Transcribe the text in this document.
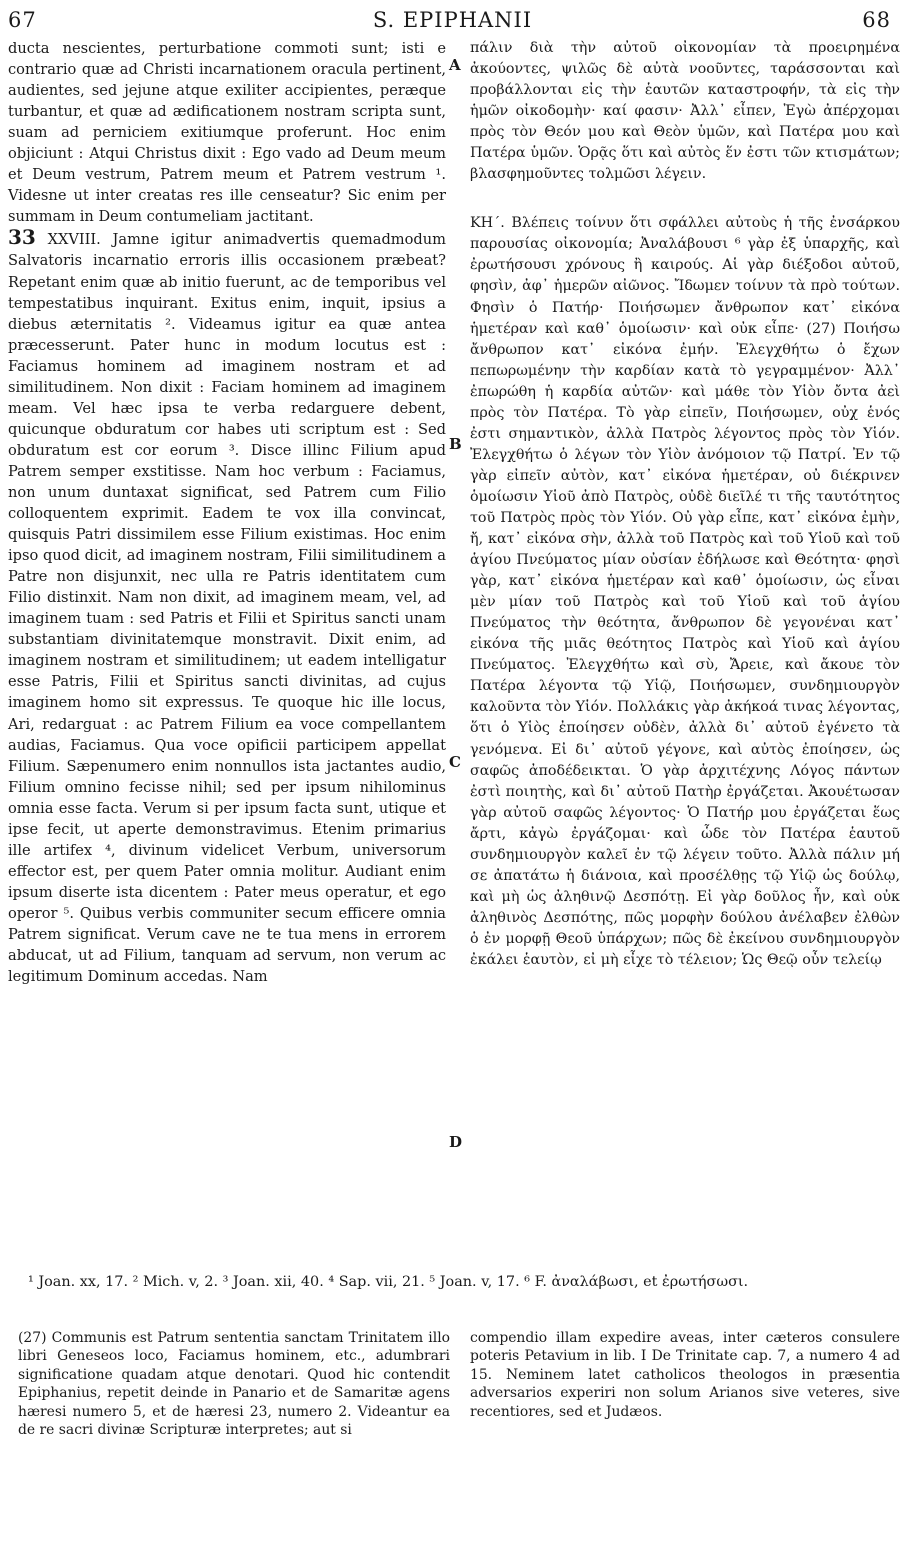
67	S. EPIPHANII	68

ducta nescientes, perturbatione commoti sunt; isti e contrario quæ ad Christi incarnationem oracula pertinent, audientes, sed jejune atque exiliter accipientes, peræque turbantur, et quæ ad ædificationem nostram scripta sunt, suam ad perniciem exitiumque proferunt. Hoc enim objiciunt : Atqui Christus dixit : Ego vado ad Deum meum et Deum vestrum, Patrem meum et Patrem vestrum ¹. Videsne ut inter creatas res ille censeatur? Sic enim per summam in Deum contumeliam jactitant.

33 XXVIII. Jamne igitur animadvertis quemadmodum Salvatoris incarnatio erroris illis occasionem præbeat? Repetant enim quæ ab initio fuerunt, ac de temporibus vel tempestatibus inquirant. Exitus enim, inquit, ipsius a diebus æternitatis ². Videamus igitur ea quæ antea præcesserunt. Pater hunc in modum locutus est : Faciamus hominem ad imaginem nostram et ad similitudinem. Non dixit : Faciam hominem ad imaginem meam. Vel hæc ipsa te verba redarguere debent, quicunque obduratum cor habes uti scriptum est : Sed obduratum est cor eorum ³. Disce illinc Filium apud Patrem semper exstitisse. Nam hoc verbum : Faciamus, non unum duntaxat significat, sed Patrem cum Filio colloquentem exprimit. Eadem te vox illa convincat, quisquis Patri dissimilem esse Filium existimas. Hoc enim ipso quod dicit, ad imaginem nostram, Filii similitudinem a Patre non disjunxit, nec ulla re Patris identitatem cum Filio distinxit. Nam non dixit, ad imaginem meam, vel, ad imaginem tuam : sed Patris et Filii et Spiritus sancti unam substantiam divinitatemque monstravit. Dixit enim, ad imaginem nostram et similitudinem; ut eadem intelligatur esse Patris, Filii et Spiritus sancti divinitas, ad cujus imaginem homo sit expressus. Te quoque hic ille locus, Ari, redarguat : ac Patrem Filium ea voce compellantem audias, Faciamus. Qua voce opificii participem appellat Filium. Sæpenumero enim nonnullos ista jactantes audio, Filium omnino fecisse nihil; sed per ipsum nihilominus omnia esse facta. Verum si per ipsum facta sunt, utique et ipse fecit, ut aperte demonstravimus. Etenim primarius ille artifex ⁴, divinum videlicet Verbum, universorum effector est, per quem Pater omnia molitur. Audiant enim ipsum diserte ista dicentem : Pater meus operatur, et ego operor ⁵. Quibus verbis communiter secum efficere omnia Patrem significat. Verum cave ne te tua mens in errorem abducat, ut ad Filium, tanquam ad servum, non verum ac legitimum Dominum accedas. Nam

A
B
C
D

πάλιν διὰ τὴν αὐτοῦ οἰκονομίαν τὰ προειρημένα ἀκούοντες, ψιλῶς δὲ αὐτὰ νοοῦντες, ταράσσονται καὶ προβάλλονται εἰς τὴν ἑαυτῶν καταστροφήν, τὰ εἰς τὴν ἡμῶν οἰκοδομὴν· καί φασιν· Ἀλλ᾿ εἶπεν, Ἐγὼ ἀπέρχομαι πρὸς τὸν Θεόν μου καὶ Θεὸν ὑμῶν, καὶ Πατέρα μου καὶ Πατέρα ὑμῶν. Ὁρᾷς ὅτι καὶ αὐτὸς ἕν ἐστι τῶν κτισμάτων; βλασφημοῦντες τολμῶσι λέγειν.

ΚΗ΄. Βλέπεις τοίνυν ὅτι σφάλλει αὐτοὺς ἡ τῆς ἐνσάρκου παρουσίας οἰκονομία; Ἀναλάβουσι ⁶ γὰρ ἐξ ὑπαρχῆς, καὶ ἐρωτήσουσι χρόνους ἢ καιρούς. Αἱ γὰρ διέξοδοι αὐτοῦ, φησὶν, ἀφ᾿ ἡμερῶν αἰῶνος. Ἴδωμεν τοίνυν τὰ πρὸ τούτων. Φησὶν ὁ Πατήρ· Ποιήσωμεν ἄνθρωπον κατ᾿ εἰκόνα ἡμετέραν καὶ καθ᾿ ὁμοίωσιν· καὶ οὐκ εἶπε· (27) Ποιήσω ἄνθρωπον κατ᾿ εἰκόνα ἐμήν. Ἐλεγχθήτω ὁ ἔχων πεπωρωμένην τὴν καρδίαν κατὰ τὸ γεγραμμένον· Ἀλλ᾿ ἐπωρώθη ἡ καρδία αὐτῶν· καὶ μάθε τὸν Υἱὸν ὄντα ἀεὶ πρὸς τὸν Πατέρα. Τὸ γὰρ εἰπεῖν, Ποιήσωμεν, οὐχ ἑνός ἐστι σημαντικὸν, ἀλλὰ Πατρὸς λέγοντος πρὸς τὸν Υἱόν. Ἐλεγχθήτω ὁ λέγων τὸν Υἱὸν ἀνόμοιον τῷ Πατρί. Ἐν τῷ γὰρ εἰπεῖν αὐτὸν, κατ᾿ εἰκόνα ἡμετέραν, οὐ διέκρινεν ὁμοίωσιν Υἱοῦ ἀπὸ Πατρὸς, οὐδὲ διεῖλέ τι τῆς ταυτότητος τοῦ Πατρὸς πρὸς τὸν Υἱόν. Οὐ γὰρ εἶπε, κατ᾿ εἰκόνα ἐμὴν, ἤ, κατ᾿ εἰκόνα σὴν, ἀλλὰ τοῦ Πατρὸς καὶ τοῦ Υἱοῦ καὶ τοῦ ἁγίου Πνεύματος μίαν οὐσίαν ἐδήλωσε καὶ Θεότητα· φησὶ γὰρ, κατ᾿ εἰκόνα ἡμετέραν καὶ καθ᾿ ὁμοίωσιν, ὡς εἶναι μὲν μίαν τοῦ Πατρὸς καὶ τοῦ Υἱοῦ καὶ τοῦ ἁγίου Πνεύματος τὴν θεότητα, ἄνθρωπον δὲ γεγονέναι κατ᾿ εἰκόνα τῆς μιᾶς θεότητος Πατρὸς καὶ Υἱοῦ καὶ ἁγίου Πνεύματος. Ἐλεγχθήτω καὶ σὺ, Ἄρειε, καὶ ἄκουε τὸν Πατέρα λέγοντα τῷ Υἱῷ, Ποιήσωμεν, συνδημιουργὸν καλοῦντα τὸν Υἱόν. Πολλάκις γὰρ ἀκήκοά τινας λέγοντας, ὅτι ὁ Υἱὸς ἐποίησεν οὐδὲν, ἀλλὰ δι᾿ αὐτοῦ ἐγένετο τὰ γενόμενα. Εἰ δι᾿ αὐτοῦ γέγονε, καὶ αὐτὸς ἐποίησεν, ὡς σαφῶς ἀποδέδεικται. Ὁ γὰρ ἀρχιτέχνης Λόγος πάντων ἐστὶ ποιητὴς, καὶ δι᾿ αὐτοῦ Πατὴρ ἐργάζεται. Ἀκουέτωσαν γὰρ αὐτοῦ σαφῶς λέγοντος· Ὁ Πατήρ μου ἐργάζεται ἕως ἄρτι, κἀγὼ ἐργάζομαι· καὶ ὧδε τὸν Πατέρα ἑαυτοῦ συνδημιουργὸν καλεῖ ἐν τῷ λέγειν τοῦτο. Ἀλλὰ πάλιν μή σε ἀπατάτω ἡ διάνοια, καὶ προσέλθῃς τῷ Υἱῷ ὡς δούλῳ, καὶ μὴ ὡς ἀληθινῷ Δεσπότῃ. Εἰ γὰρ δοῦλος ἦν, καὶ οὐκ ἀληθινὸς Δεσπότης, πῶς μορφὴν δούλου ἀνέλαβεν ἐλθὼν ὁ ἐν μορφῇ Θεοῦ ὑπάρχων; πῶς δὲ ἐκείνου συνδημιουργὸν ἐκάλει ἑαυτὸν, εἰ μὴ εἶχε τὸ τέλειον; Ὡς Θεῷ οὖν τελείῳ

¹ Joan. xx, 17. ² Mich. v, 2. ³ Joan. xii, 40. ⁴ Sap. vii, 21. ⁵ Joan. v, 17. ⁶ F. ἀναλάβωσι, et ἐρωτήσωσι.
(27) Communis est Patrum sententia sanctam Trinitatem illo libri Geneseos loco, Faciamus hominem, etc., adumbrari significatione quadam atque denotari. Quod hic contendit Epiphanius, repetit deinde in Panario et de Samaritæ agens hæresi numero 5, et de hæresi 23, numero 2. Videantur ea de re sacri divinæ Scripturæ interpretes; aut si
compendio illam expedire aveas, inter cæteros consulere poteris Petavium in lib. I De Trinitate cap. 7, a numero 4 ad 15. Neminem latet catholicos theologos in præsentia adversarios experiri non solum Arianos sive veteres, sive recentiores, sed et Judæos.
